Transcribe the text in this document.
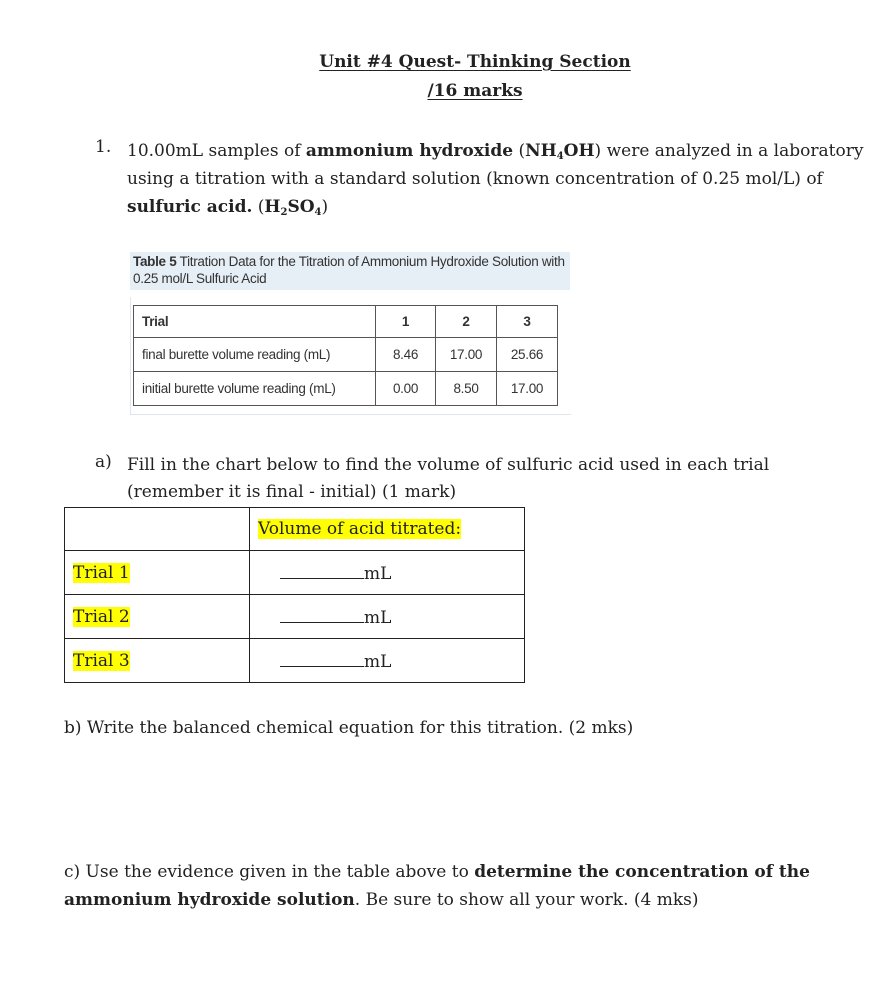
Unit #4 Quest- Thinking Section
/16 marks
1. 10.00mL samples of ammonium hydroxide $(NH_4OH)$ were analyzed in a laboratory using a titration with a standard solution (known concentration of 0.25 mol/L) of sulfuric acid. $(H_2SO_4)$
Table 5 Titration Data for the Titration of Ammonium Hydroxide Solution with 0.25 mol/L Sulfuric Acid
Trial	1	2	3
final burette volume reading (mL)	8.46	17.00	25.66
initial burette volume reading (mL)	0.00	8.50	17.00
a) Fill in the chart below to find the volume of sulfuric acid used in each trial (remember it is final - initial) (1 mark)
	Volume of acid titrated:
Trial 1	mL
Trial 2	mL
Trial 3	mL
b) Write the balanced chemical equation for this titration. (2 mks)
c) Use the evidence given in the table above to determine the concentration of the ammonium hydroxide solution. Be sure to show all your work. (4 mks)
